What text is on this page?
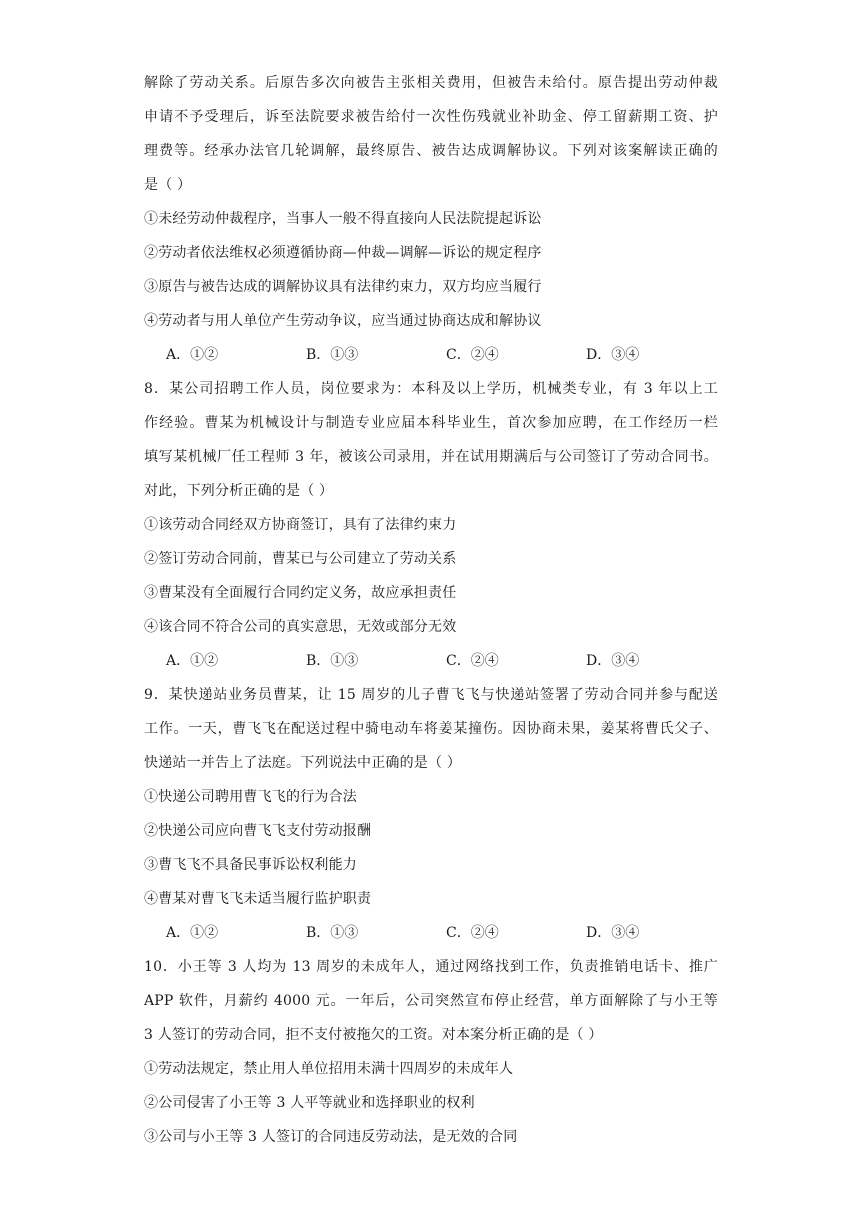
解除了劳动关系。后原告多次向被告主张相关费用，但被告未给付。原告提出劳动仲裁
申请不予受理后，诉至法院要求被告给付一次性伤残就业补助金、停工留薪期工资、护
理费等。经承办法官几轮调解，最终原告、被告达成调解协议。下列对该案解读正确的
是（ ）
①未经劳动仲裁程序，当事人一般不得直接向人民法院提起诉讼
②劳动者依法维权必须遵循协商—仲裁—调解—诉讼的规定程序
③原告与被告达成的调解协议具有法律约束力，双方均应当履行
④劳动者与用人单位产生劳动争议，应当通过协商达成和解协议
A．①②	B．①③	C．②④	D．③④
8．某公司招聘工作人员，岗位要求为：本科及以上学历，机械类专业，有 3 年以上工
作经验。曹某为机械设计与制造专业应届本科毕业生，首次参加应聘，在工作经历一栏
填写某机械厂任工程师 3 年，被该公司录用，并在试用期满后与公司签订了劳动合同书。
对此，下列分析正确的是（ ）
①该劳动合同经双方协商签订，具有了法律约束力
②签订劳动合同前，曹某已与公司建立了劳动关系
③曹某没有全面履行合同约定义务，故应承担责任
④该合同不符合公司的真实意思，无效或部分无效
A．①②	B．①③	C．②④	D．③④
9．某快递站业务员曹某，让 15 周岁的儿子曹飞飞与快递站签署了劳动合同并参与配送
工作。一天，曹飞飞在配送过程中骑电动车将姜某撞伤。因协商未果，姜某将曹氏父子、
快递站一并告上了法庭。下列说法中正确的是（ ）
①快递公司聘用曹飞飞的行为合法
②快递公司应向曹飞飞支付劳动报酬
③曹飞飞不具备民事诉讼权利能力
④曹某对曹飞飞未适当履行监护职责
A．①②	B．①③	C．②④	D．③④
10．小王等 3 人均为 13 周岁的未成年人，通过网络找到工作，负责推销电话卡、推广
APP 软件，月薪约 4000 元。一年后，公司突然宣布停止经营，单方面解除了与小王等
3 人签订的劳动合同，拒不支付被拖欠的工资。对本案分析正确的是（ ）
①劳动法规定，禁止用人单位招用未满十四周岁的未成年人
②公司侵害了小王等 3 人平等就业和选择职业的权利
③公司与小王等 3 人签订的合同违反劳动法，是无效的合同
